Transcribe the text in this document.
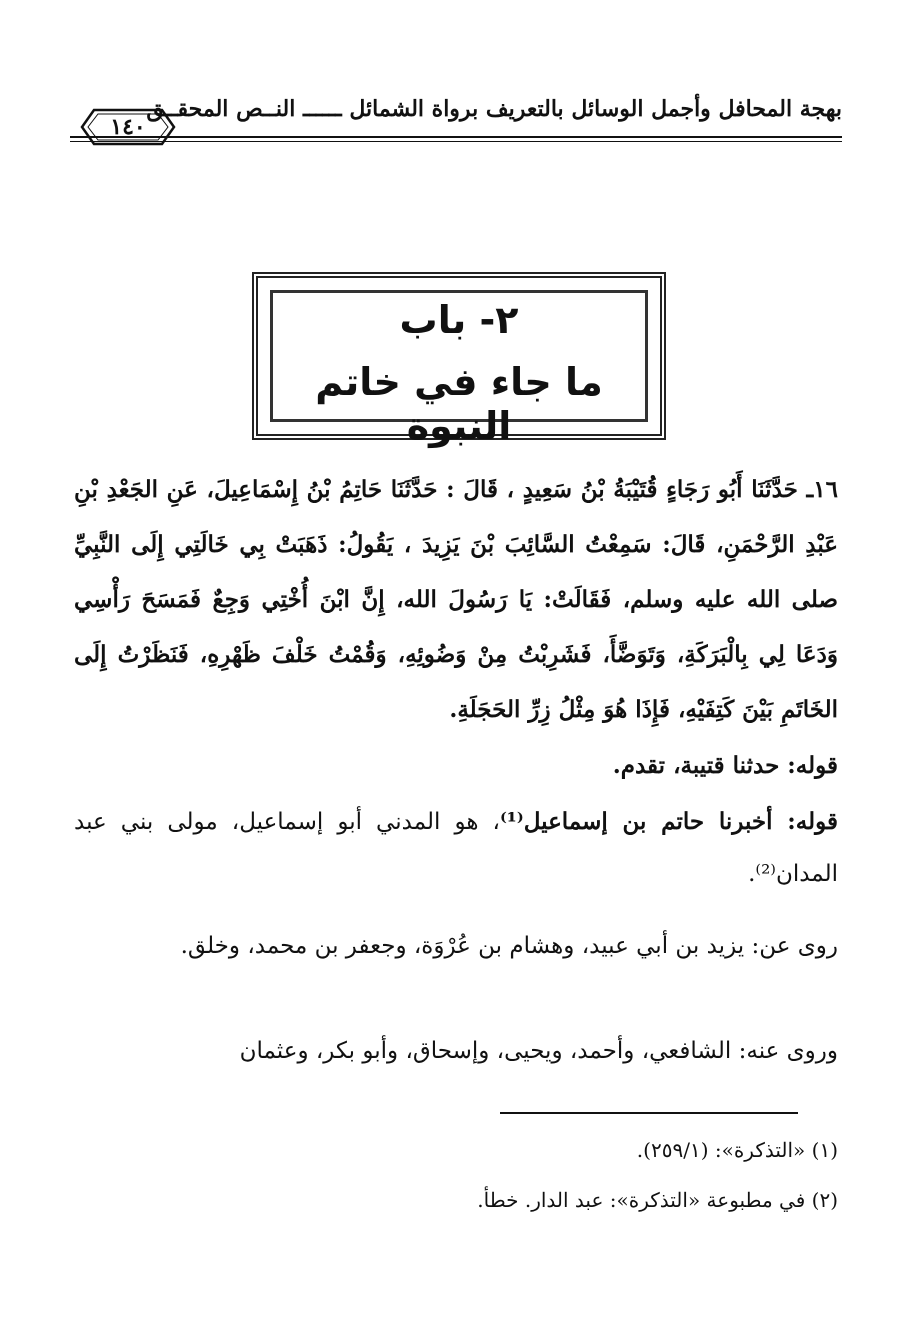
بهجة المحافل وأجمل الوسائل بالتعريف برواة الشمائل ــــــ النــص المحقــق
١٤٠
٢- باب
ما جاء في خاتم النبوة
١٦ـ حَدَّثَنَا أَبُو رَجَاءٍ قُتَيْبَةُ بْنُ سَعِيدٍ ، قَالَ : حَدَّثَنَا حَاتِمُ بْنُ إِسْمَاعِيلَ، عَنِ الجَعْدِ بْنِ عَبْدِ الرَّحْمَنِ، قَالَ: سَمِعْتُ السَّائِبَ بْنَ يَزِيدَ ، يَقُولُ: ذَهَبَتْ بِي خَالَتِي إِلَى النَّبِيِّ صلى الله عليه وسلم، فَقَالَتْ: يَا رَسُولَ الله، إِنَّ ابْنَ أُخْتِي وَجِعٌ فَمَسَحَ رَأْسِي وَدَعَا لِي بِالْبَرَكَةِ، وَتَوَضَّأَ، فَشَرِبْتُ مِنْ وَضُوئِهِ، وَقُمْتُ خَلْفَ ظَهْرِهِ، فَنَظَرْتُ إِلَى الخَاتَمِ بَيْنَ كَتِفَيْهِ، فَإِذَا هُوَ مِثْلُ زِرِّ الحَجَلَةِ.
قوله: حدثنا قتيبة، تقدم.
قوله: أخبرنا حاتم بن إسماعيل⁽¹⁾، هو المدني أبو إسماعيل، مولى بني عبد المدان⁽²⁾.
روى عن: يزيد بن أبي عبيد، وهشام بن عُرْوَة، وجعفر بن محمد، وخلق.
وروى عنه: الشافعي، وأحمد، ويحيى، وإسحاق، وأبو بكر، وعثمان
(١) «التذكرة»: (٢٥٩/١).
(٢) في مطبوعة «التذكرة»: عبد الدار. خطأ.
